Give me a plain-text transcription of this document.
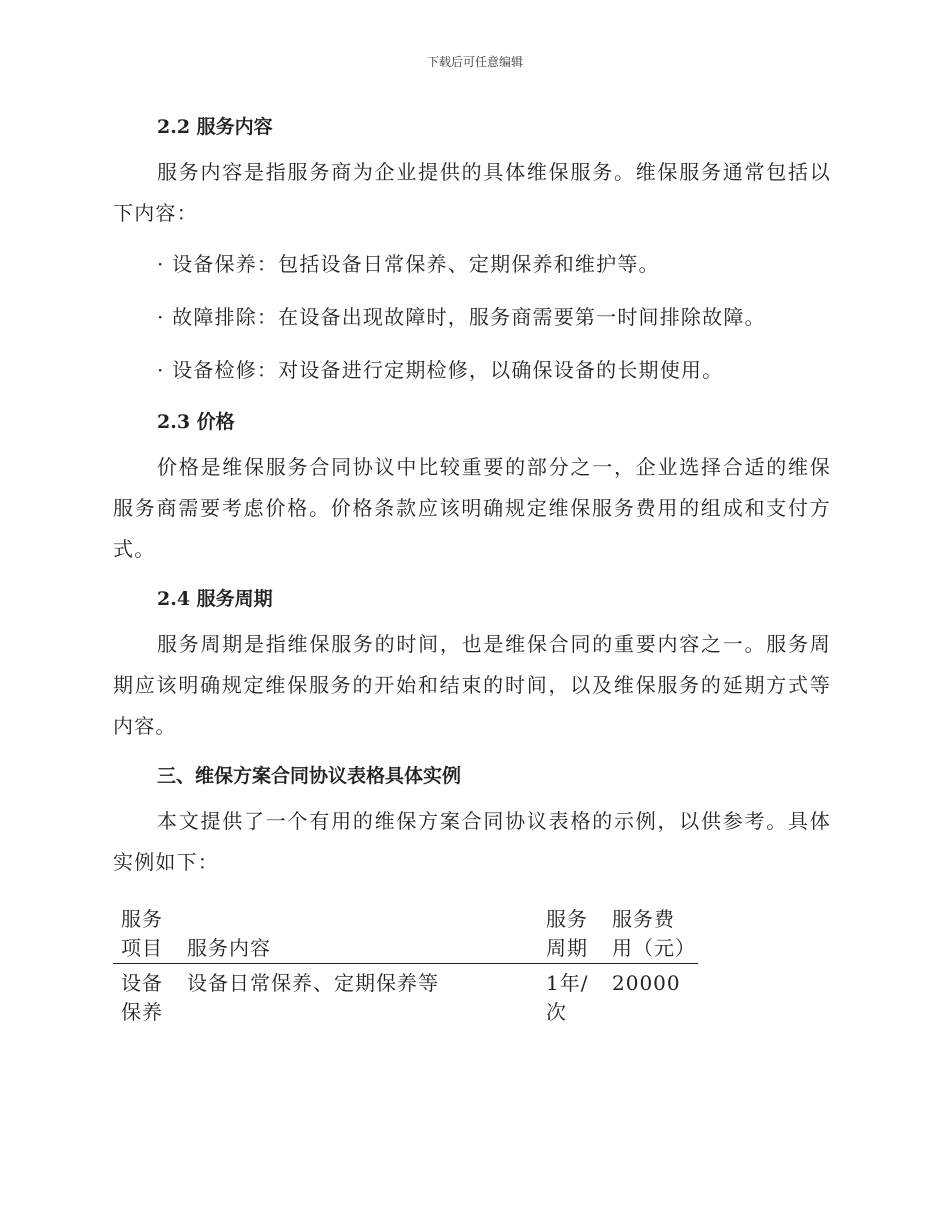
下载后可任意编辑
2.2 服务内容
服务内容是指服务商为企业提供的具体维保服务。维保服务通常包括以下内容：
· 设备保养：包括设备日常保养、定期保养和维护等。
· 故障排除：在设备出现故障时，服务商需要第一时间排除故障。
· 设备检修：对设备进行定期检修，以确保设备的长期使用。
2.3 价格
价格是维保服务合同协议中比较重要的部分之一，企业选择合适的维保服务商需要考虑价格。价格条款应该明确规定维保服务费用的组成和支付方式。
2.4 服务周期
服务周期是指维保服务的时间，也是维保合同的重要内容之一。服务周期应该明确规定维保服务的开始和结束的时间，以及维保服务的延期方式等内容。
三、维保方案合同协议表格具体实例
本文提供了一个有用的维保方案合同协议表格的示例，以供参考。具体实例如下：
服务项目	服务内容	服务周期	服务费用（元）
设备保养	设备日常保养、定期保养等	1年/次	20000
